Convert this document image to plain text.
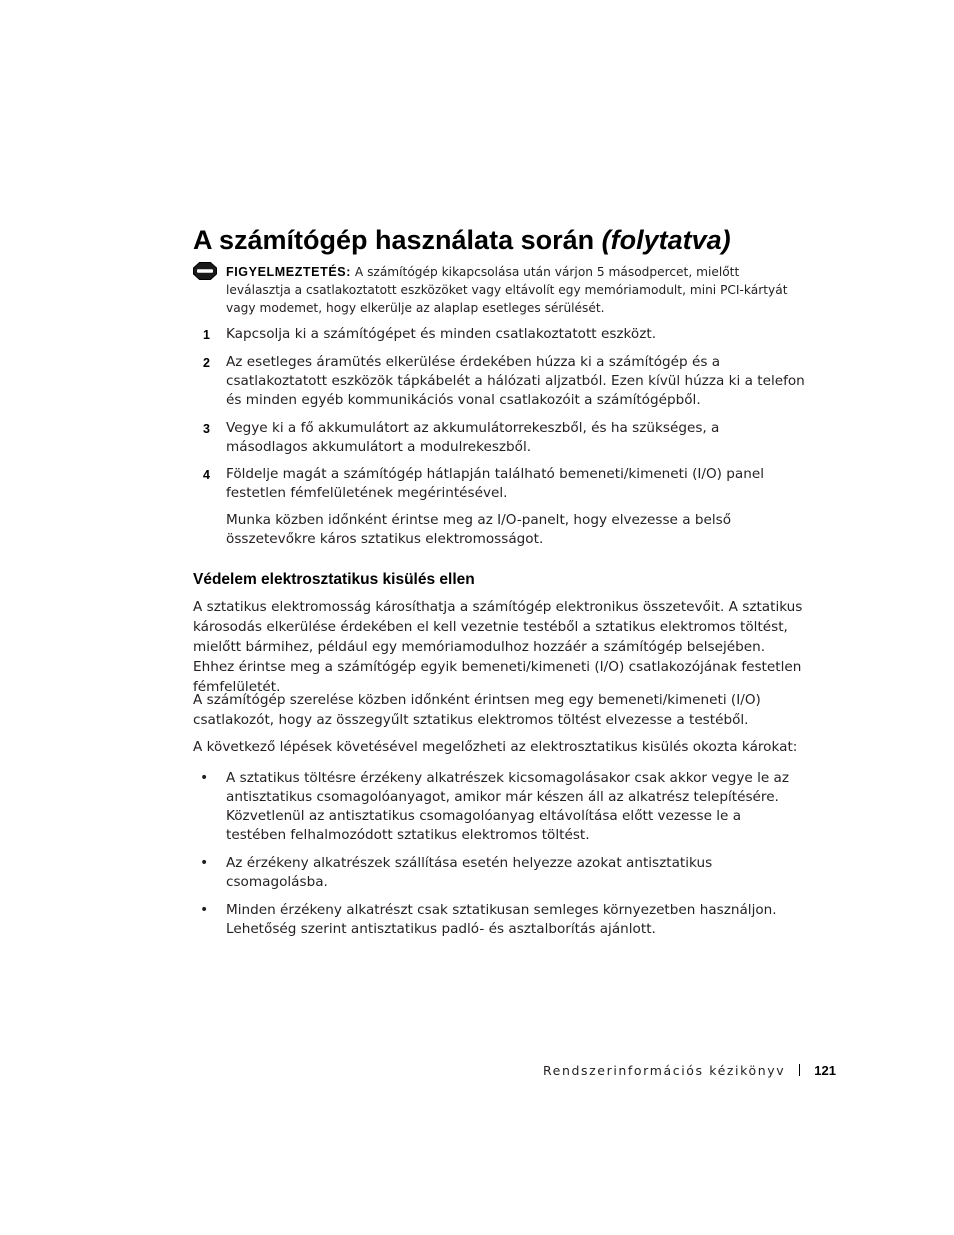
A számítógép használata során (folytatva)

FIGYELMEZTETÉS: A számítógép kikapcsolása után várjon 5 másodpercet, mielőtt leválasztja a csatlakoztatott eszközöket vagy eltávolít egy memóriamodult, mini PCI-kártyát vagy modemet, hogy elkerülje az alaplap esetleges sérülését.

1 Kapcsolja ki a számítógépet és minden csatlakoztatott eszközt.
2 Az esetleges áramütés elkerülése érdekében húzza ki a számítógép és a csatlakoztatott eszközök tápkábelét a hálózati aljzatból. Ezen kívül húzza ki a telefon és minden egyéb kommunikációs vonal csatlakozóit a számítógépből.
3 Vegye ki a fő akkumulátort az akkumulátorrekeszből, és ha szükséges, a másodlagos akkumulátort a modulrekeszből.
4 Földelje magát a számítógép hátlapján található bemeneti/kimeneti (I/O) panel festetlen fémfelületének megérintésével.

Munka közben időnként érintse meg az I/O-panelt, hogy elvezesse a belső összetevőkre káros sztatikus elektromosságot.

Védelem elektrosztatikus kisülés ellen

A sztatikus elektromosság károsíthatja a számítógép elektronikus összetevőit. A sztatikus károsodás elkerülése érdekében el kell vezetnie testéből a sztatikus elektromos töltést, mielőtt bármihez, például egy memóriamodulhoz hozzáér a számítógép belsejében. Ehhez érintse meg a számítógép egyik bemeneti/kimeneti (I/O) csatlakozójának festetlen fémfelületét.

A számítógép szerelése közben időnként érintsen meg egy bemeneti/kimeneti (I/O) csatlakozót, hogy az összegyűlt sztatikus elektromos töltést elvezesse a testéből.

A következő lépések követésével megelőzheti az elektrosztatikus kisülés okozta károkat:

• A sztatikus töltésre érzékeny alkatrészek kicsomagolásakor csak akkor vegye le az antisztatikus csomagolóanyagot, amikor már készen áll az alkatrész telepítésére. Közvetlenül az antisztatikus csomagolóanyag eltávolítása előtt vezesse le a testében felhalmozódott sztatikus elektromos töltést.
• Az érzékeny alkatrészek szállítása esetén helyezze azokat antisztatikus csomagolásba.
• Minden érzékeny alkatrészt csak sztatikusan semleges környezetben használjon. Lehetőség szerint antisztatikus padló- és asztalborítás ajánlott.
Rendszerinformációs kézikönyv 121
